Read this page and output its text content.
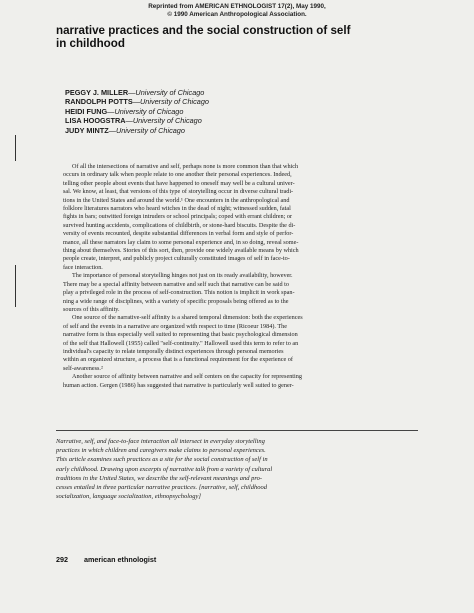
Reprinted from AMERICAN ETHNOLOGIST 17(2), May 1990,
© 1990 American Anthropological Association.
narrative practices and the social construction of self
in childhood
PEGGY J. MILLER—University of Chicago
RANDOLPH POTTS—University of Chicago
HEIDI FUNG—University of Chicago
LISA HOOGSTRA—University of Chicago
JUDY MINTZ—University of Chicago

Of all the intersections of narrative and self, perhaps none is more common than that which
occurs in ordinary talk when people relate to one another their personal experiences. Indeed,
telling other people about events that have happened to oneself may well be a cultural univer-
sal. We know, at least, that versions of this type of storytelling occur in diverse cultural tradi-
tions in the United States and around the world.¹ One encounters in the anthropological and
folklore literatures narrators who heard witches in the dead of night; witnessed sudden, fatal
fights in bars; outwitted foreign intruders or school principals; coped with errant children; or
survived hunting accidents, complications of childbirth, or stone-hard biscuits. Despite the di-
versity of events recounted, despite substantial differences in verbal form and style of perfor-
mance, all these narrators lay claim to some personal experience and, in so doing, reveal some-
thing about themselves. Stories of this sort, then, provide one widely available means by which
people create, interpret, and publicly project culturally constituted images of self in face-to-
face interaction.

The importance of personal storytelling hinges not just on its ready availability, however.
There may be a special affinity between narrative and self such that narrative can be said to
play a privileged role in the process of self-construction. This notion is implicit in work span-
ning a wide range of disciplines, with a variety of specific proposals being offered as to the
sources of this affinity.

One source of the narrative-self affinity is a shared temporal dimension: both the experiences
of self and the events in a narrative are organized with respect to time (Ricoeur 1984). The
narrative form is thus especially well suited to representing that basic psychological dimension
of the self that Hallowell (1955) called "self-continuity." Hallowell used this term to refer to an
individual's capacity to relate temporally distinct experiences through personal memories
within an organized structure, a process that is a functional requirement for the experience of
self-awareness.²

Another source of affinity between narrative and self centers on the capacity for representing
human action. Gergen (1986) has suggested that narrative is particularly well suited to gener-

Narrative, self, and face-to-face interaction all intersect in everyday storytelling
practices in which children and caregivers make claims to personal experiences.
This article examines such practices as a site for the social construction of self in
early childhood. Drawing upon excerpts of narrative talk from a variety of cultural
traditions in the United States, we describe the self-relevant meanings and pro-
cesses entailed in three particular narrative practices. [narrative, self, childhood
socialization, language socialization, ethnopsychology]
292 american ethnologist
